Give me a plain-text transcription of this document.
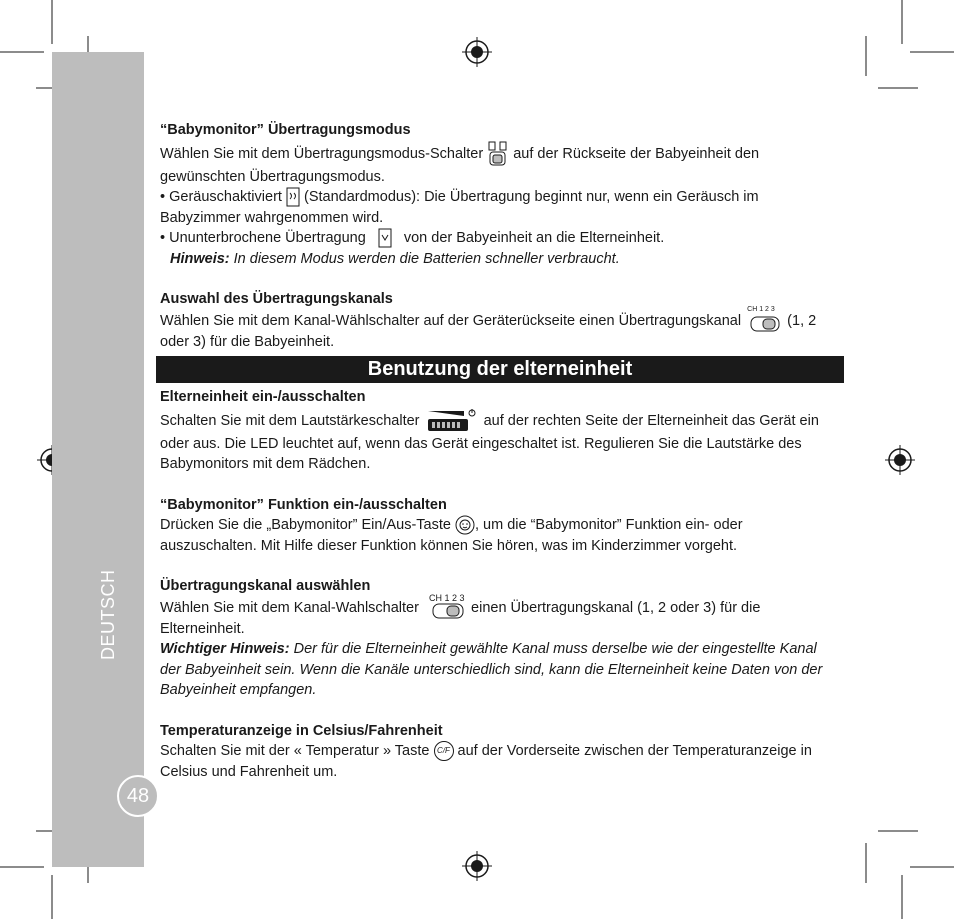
DEUTSCH
48

“Babymonitor” Übertragungsmodus

Wählen Sie mit dem Übertragungsmodus-Schalter auf der Rückseite der Babyeinheit den gewünschten Übertragungsmodus.

• Geräuschaktiviert (Standardmodus): Die Übertragung beginnt nur, wenn ein Geräusch im Babyzimmer wahrgenommen wird.

• Ununterbrochene Übertragung	von der Babyeinheit an die Elterneinheit.

Hinweis: In diesem Modus werden die Batterien schneller verbraucht.

Auswahl des Übertragungskanals

Wählen Sie mit dem Kanal-Wählschalter auf der Geräterückseite einen Übertragungskanal
CH 1 2 3
(1, 2 oder 3) für die Babyeinheit.

Benutzung der elterneinheit

Elterneinheit ein-/ausschalten

Schalten Sie mit dem Lautstärkeschalter	auf der rechten Seite der Elterneinheit das Gerät ein oder aus. Die LED leuchtet auf, wenn das Gerät eingeschaltet ist. Regulieren Sie die Lautstärke des Babymonitors mit dem Rädchen.

“Babymonitor” Funktion ein-/ausschalten

Drücken Sie die „Babymonitor” Ein/Aus-Taste , um die “Babymonitor” Funktion ein- oder auszuschalten. Mit Hilfe dieser Funktion können Sie hören, was im Kinderzimmer vorgeht.

Übertragungskanal auswählen

Wählen Sie mit dem Kanal-Wahlschalter
CH 1 2 3
einen Übertragungskanal (1, 2 oder 3) für die Elterneinheit.

Wichtiger Hinweis: Der für die Elterneinheit gewählte Kanal muss derselbe wie der eingestellte Kanal der Babyeinheit sein. Wenn die Kanäle unterschiedlich sind, kann die Elterneinheit keine Daten von der Babyeinheit empfangen.

Temperaturanzeige in Celsius/Fahrenheit

Schalten Sie mit der « Temperatur » Taste C/F auf der Vorderseite zwischen der Temperaturanzeige in Celsius und Fahrenheit um.
